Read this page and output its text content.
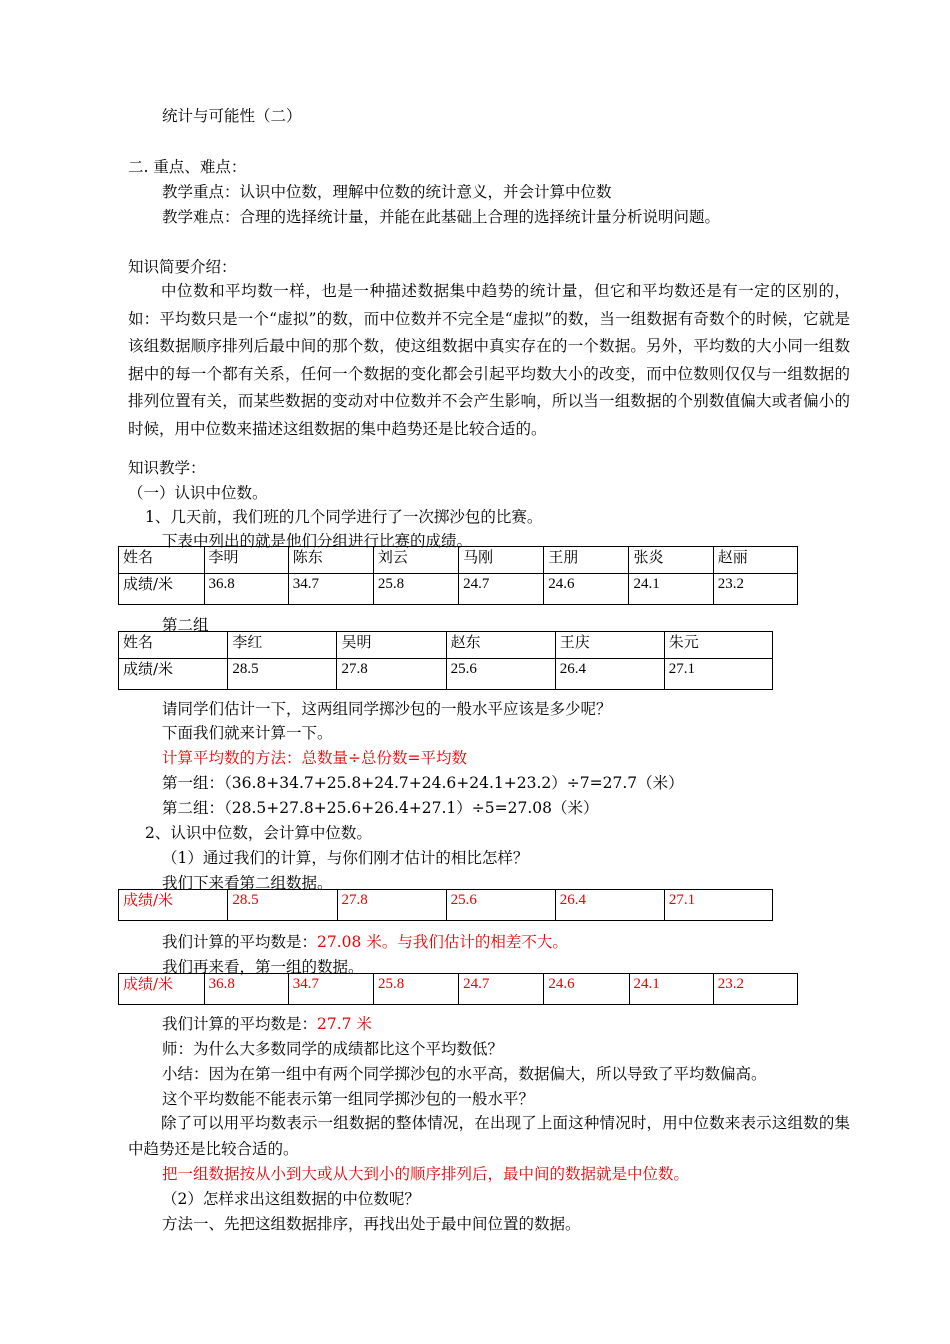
统计与可能性（二）
二. 重点、难点：
教学重点：认识中位数，理解中位数的统计意义，并会计算中位数
教学难点：合理的选择统计量，并能在此基础上合理的选择统计量分析说明问题。
知识简要介绍：
中位数和平均数一样，也是一种描述数据集中趋势的统计量，但它和平均数还是有一定的区别的，如：平均数只是一个“虚拟”的数，而中位数并不完全是“虚拟”的数，当一组数据有奇数个的时候，它就是该组数据顺序排列后最中间的那个数，使这组数据中真实存在的一个数据。另外，平均数的大小同一组数据中的每一个都有关系，任何一个数据的变化都会引起平均数大小的改变，而中位数则仅仅与一组数据的排列位置有关，而某些数据的变动对中位数并不会产生影响，所以当一组数据的个别数值偏大或者偏小的时候，用中位数来描述这组数据的集中趋势还是比较合适的。
知识教学：
（一）认识中位数。
1、几天前，我们班的几个同学进行了一次掷沙包的比赛。
下表中列出的就是他们分组进行比赛的成绩。
姓名	李明	陈东	刘云	马刚	王朋	张炎	赵丽
成绩/米	36.8	34.7	25.8	24.7	24.6	24.1	23.2
第二组
姓名	李红	吴明	赵东	王庆	朱元
成绩/米	28.5	27.8	25.6	26.4	27.1
请同学们估计一下，这两组同学掷沙包的一般水平应该是多少呢？
下面我们就来计算一下。
计算平均数的方法：总数量÷总份数=平均数
第一组：（36.8+34.7+25.8+24.7+24.6+24.1+23.2）÷7=27.7（米）
第二组：（28.5+27.8+25.6+26.4+27.1）÷5=27.08（米）
2、认识中位数，会计算中位数。
（1）通过我们的计算，与你们刚才估计的相比怎样？
我们下来看第二组数据。
成绩/米	28.5	27.8	25.6	26.4	27.1
我们计算的平均数是：27.08 米。与我们估计的相差不大。
我们再来看，第一组的数据。
成绩/米	36.8	34.7	25.8	24.7	24.6	24.1	23.2
我们计算的平均数是：27.7 米
师：为什么大多数同学的成绩都比这个平均数低？
小结：因为在第一组中有两个同学掷沙包的水平高，数据偏大，所以导致了平均数偏高。
这个平均数能不能表示第一组同学掷沙包的一般水平？
除了可以用平均数表示一组数据的整体情况，在出现了上面这种情况时，用中位数来表示这组数的集中趋势还是比较合适的。
把一组数据按从小到大或从大到小的顺序排列后，最中间的数据就是中位数。
（2）怎样求出这组数据的中位数呢？
方法一、先把这组数据排序，再找出处于最中间位置的数据。
